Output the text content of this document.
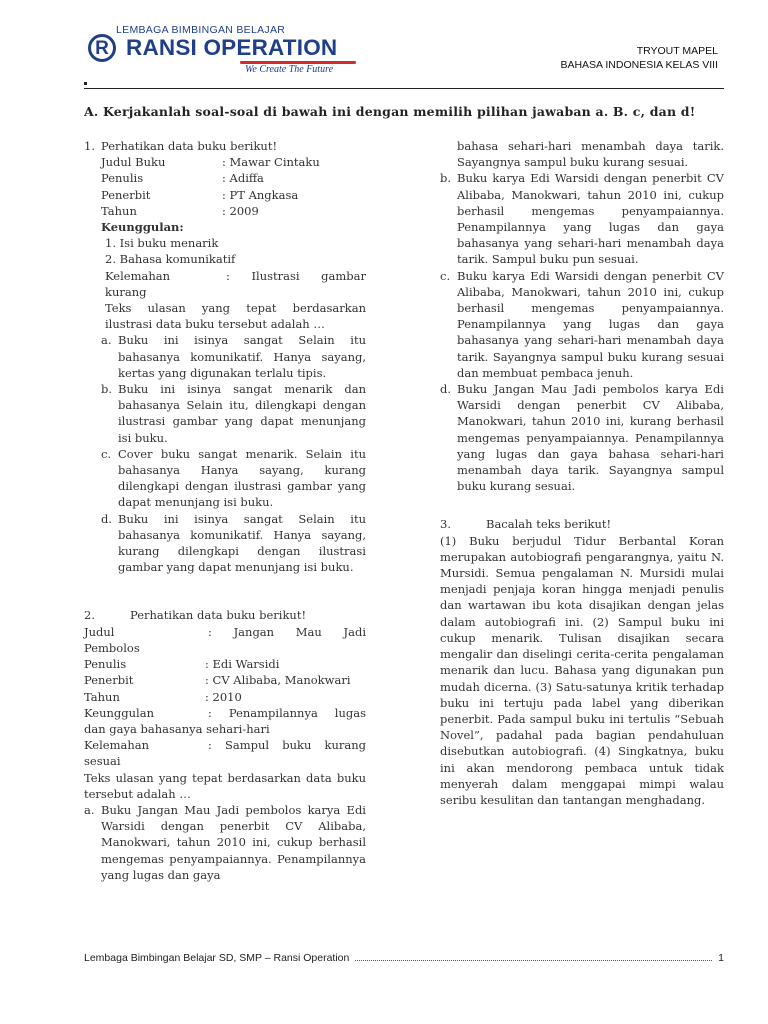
R
LEMBAGA BIMBINGAN BELAJAR
RANSI OPERATION
We Create The Future
TRYOUT MAPEL
BAHASA INDONESIA KELAS VIII
A. Kerjakanlah soal-soal di bawah ini dengan memilih pilihan jawaban a. B. c, dan d!
1. Perhatikan data buku berikut!
Judul Buku	: Mawar Cintaku
Penulis	: Adiffa
Penerbit	: PT Angkasa
Tahun	: 2009
Keunggulan:
1. Isi buku menarik
2. Bahasa komunikatif
Kelemahan	: Ilustrasi gambar
kurang

Teks ulasan yang tepat berdasarkan ilustrasi data buku tersebut adalah …

a. Buku ini isinya sangat Selain itu bahasanya komunikatif. Hanya sayang, kertas yang digunakan terlalu tipis.
b. Buku ini isinya sangat menarik dan bahasanya Selain itu, dilengkapi dengan ilustrasi gambar yang dapat menunjang isi buku.
c. Cover buku sangat menarik. Selain itu bahasanya Hanya sayang, kurang dilengkapi dengan ilustrasi gambar yang dapat menunjang isi buku.
d. Buku ini isinya sangat Selain itu bahasanya komunikatif. Hanya sayang, kurang dilengkapi dengan ilustrasi gambar yang dapat menunjang isi buku.
2.	Perhatikan data buku berikut!
Judul	: Jangan Mau Jadi
Pembolos
Penulis	: Edi Warsidi
Penerbit	: CV Alibaba, Manokwari
Tahun	: 2010
Keunggulan	: Penampilannya lugas
dan gaya bahasanya sehari-hari
Kelemahan	: Sampul buku kurang
sesuai

Teks ulasan yang tepat berdasarkan data buku tersebut adalah …

a. Buku Jangan Mau Jadi pembolos karya Edi Warsidi dengan penerbit CV Alibaba, Manokwari, tahun 2010 ini, cukup berhasil mengemas penyampaiannya. Penampilannya yang lugas dan gaya

bahasa sehari-hari menambah daya tarik. Sayangnya sampul buku kurang sesuai.

b. Buku karya Edi Warsidi dengan penerbit CV Alibaba, Manokwari, tahun 2010 ini, cukup berhasil mengemas penyampaiannya. Penampilannya yang lugas dan gaya bahasanya yang sehari-hari menambah daya tarik. Sampul buku pun sesuai.
c. Buku karya Edi Warsidi dengan penerbit CV Alibaba, Manokwari, tahun 2010 ini, cukup berhasil mengemas penyampaiannya. Penampilannya yang lugas dan gaya bahasanya yang sehari-hari menambah daya tarik. Sayangnya sampul buku kurang sesuai dan membuat pembaca jenuh.
d. Buku Jangan Mau Jadi pembolos karya Edi Warsidi dengan penerbit CV Alibaba, Manokwari, tahun 2010 ini, kurang berhasil mengemas penyampaiannya. Penampilannya yang lugas dan gaya bahasa sehari-hari menambah daya tarik. Sayangnya sampul buku kurang sesuai.
3.	Bacalah teks berikut!

(1) Buku berjudul Tidur Berbantal Koran merupakan autobiografi pengarangnya, yaitu N. Mursidi. Semua pengalaman N. Mursidi mulai menjadi penjaja koran hingga menjadi penulis dan wartawan ibu kota disajikan dengan jelas dalam autobiografi ini. (2) Sampul buku ini cukup menarik. Tulisan disajikan secara mengalir dan diselingi cerita-cerita pengalaman menarik dan lucu. Bahasa yang digunakan pun mudah dicerna. (3) Satu-satunya kritik terhadap buku ini tertuju pada label yang diberikan penerbit. Pada sampul buku ini tertulis “Sebuah Novel”, padahal pada bagian pendahuluan disebutkan autobiografi. (4) Singkatnya, buku ini akan mendorong pembaca untuk tidak menyerah dalam menggapai mimpi walau seribu kesulitan dan tantangan menghadang.

Lembaga Bimbingan Belajar SD, SMP – Ransi Operation	1
